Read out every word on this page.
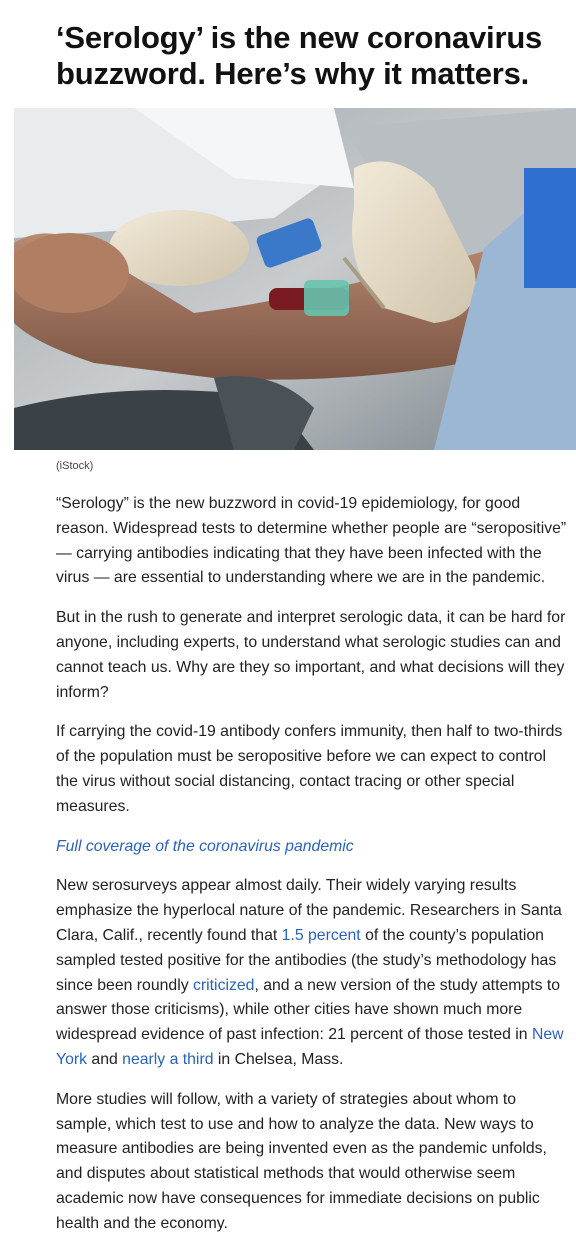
‘Serology’ is the new coronavirus buzzword. Here’s why it matters.

(iStock)

“Serology” is the new buzzword in covid-19 epidemiology, for good reason. Widespread tests to determine whether people are “seropositive” — carrying antibodies indicating that they have been infected with the virus — are essential to understanding where we are in the pandemic.

But in the rush to generate and interpret serologic data, it can be hard for anyone, including experts, to understand what serologic studies can and cannot teach us. Why are they so important, and what decisions will they inform?

If carrying the covid-19 antibody confers immunity, then half to two-thirds of the population must be seropositive before we can expect to control the virus without social distancing, contact tracing or other special measures.

Full coverage of the coronavirus pandemic

New serosurveys appear almost daily. Their widely varying results emphasize the hyperlocal nature of the pandemic. Researchers in Santa Clara, Calif., recently found that 1.5 percent of the county’s population sampled tested positive for the antibodies (the study’s methodology has since been roundly criticized, and a new version of the study attempts to answer those criticisms), while other cities have shown much more widespread evidence of past infection: 21 percent of those tested in New York and nearly a third in Chelsea, Mass.

More studies will follow, with a variety of strategies about whom to sample, which test to use and how to analyze the data. New ways to measure antibodies are being invented even as the pandemic unfolds, and disputes about statistical methods that would otherwise seem academic now have consequences for immediate decisions on public health and the economy.
